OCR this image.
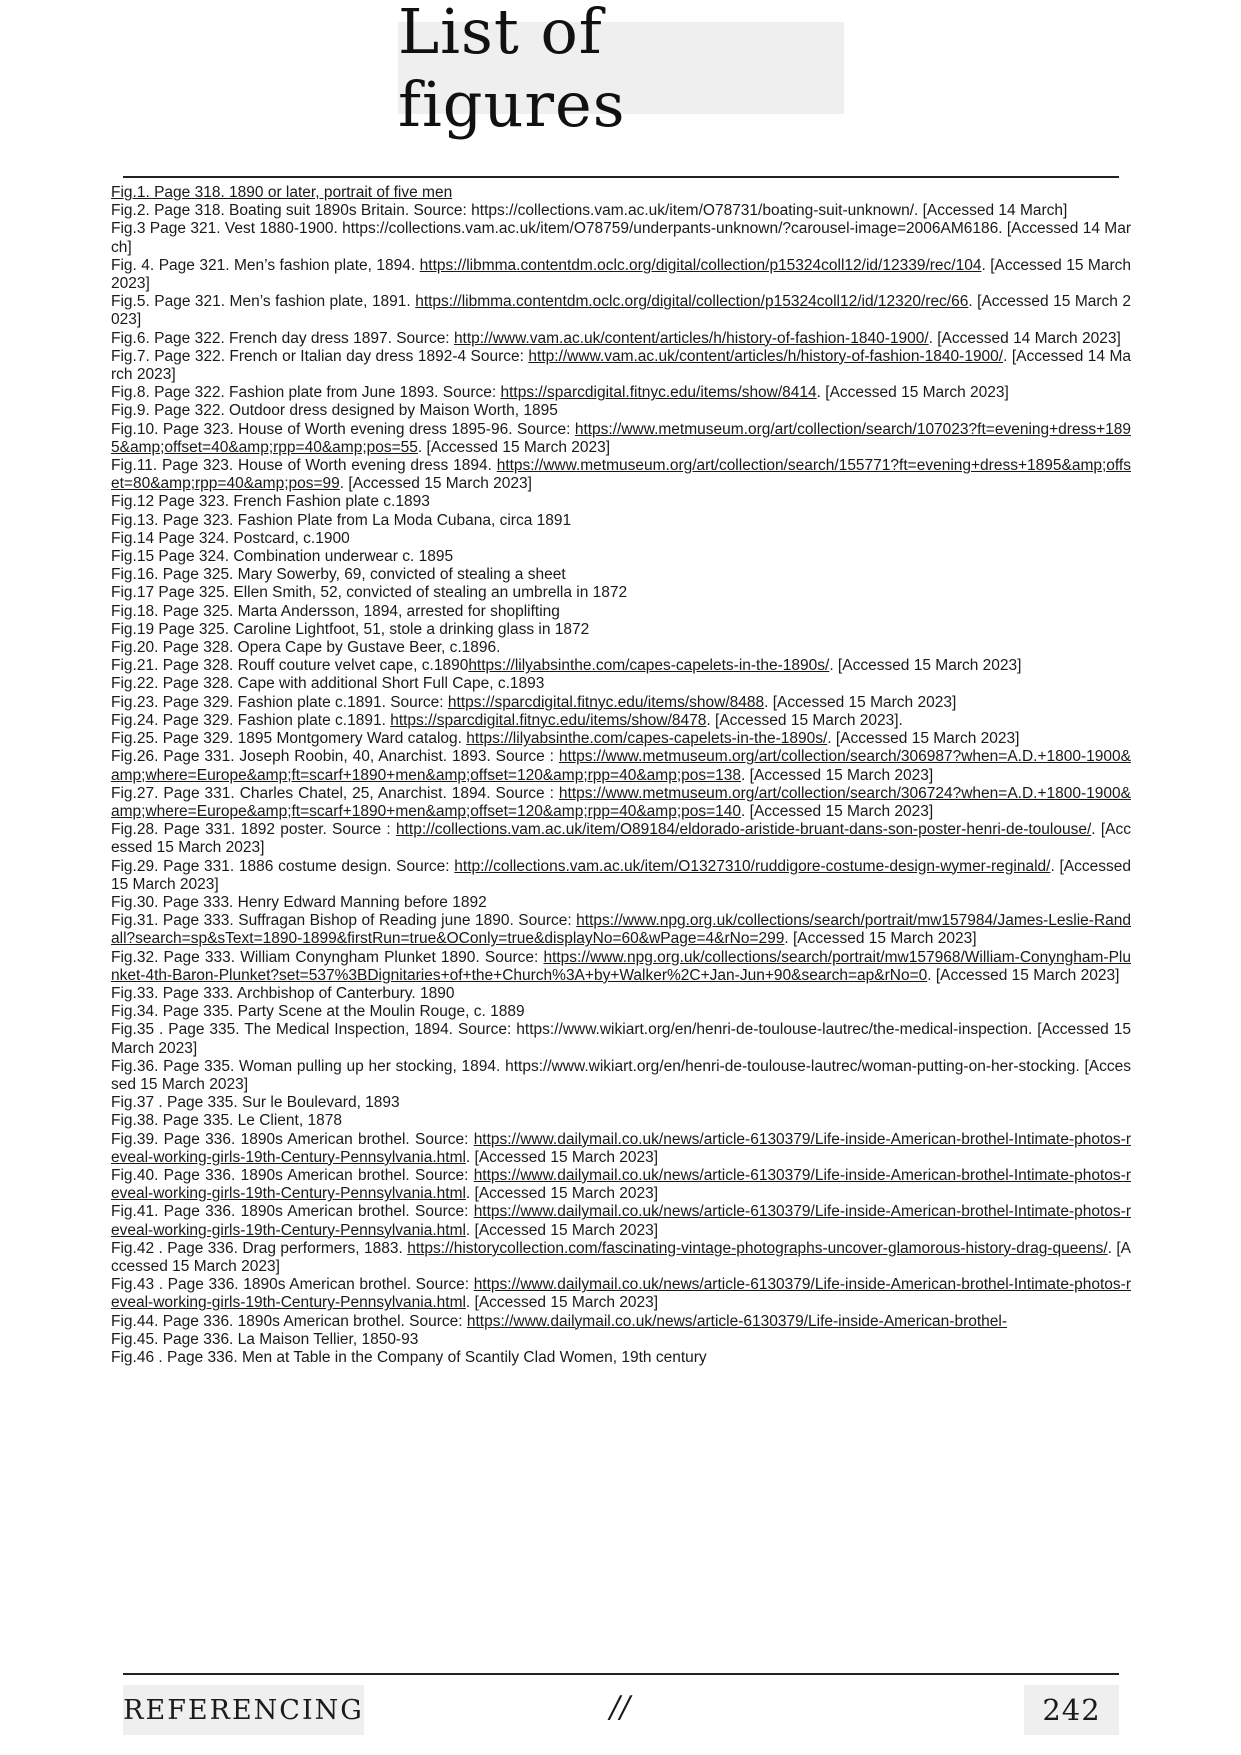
List of figures

Fig.1. Page 318. 1890 or later, portrait of five men

Fig.2. Page 318. Boating suit 1890s Britain. Source: https://collections.vam.ac.uk/item/O78731/boating-suit-unknown/. [Accessed 14 March]

Fig.3 Page 321. Vest 1880-1900. https://collections.vam.ac.uk/item/O78759/underpants-unknown/?carousel-image=2006AM6186. [Accessed 14 March]

Fig. 4. Page 321. Men’s fashion plate, 1894. https://libmma.contentdm.oclc.org/digital/collection/p15324coll12/id/12339/rec/104. [Accessed 15 March 2023]

Fig.5. Page 321. Men’s fashion plate, 1891. https://libmma.contentdm.oclc.org/digital/collection/p15324coll12/id/12320/rec/66. [Accessed 15 March 2023]

Fig.6. Page 322. French day dress 1897. Source: http://www.vam.ac.uk/content/articles/h/history-of-fashion-1840-1900/. [Accessed 14 March 2023]

Fig.7. Page 322. French or Italian day dress 1892-4 Source: http://www.vam.ac.uk/content/articles/h/history-of-fashion-1840-1900/. [Accessed 14 March 2023]

Fig.8. Page 322. Fashion plate from June 1893. Source: https://sparcdigital.fitnyc.edu/items/show/8414. [Accessed 15 March 2023]

Fig.9. Page 322. Outdoor dress designed by Maison Worth, 1895

Fig.10. Page 323. House of Worth evening dress 1895-96. Source: https://www.metmuseum.org/art/collection/search/107023?ft=evening+dress+1895&amp;offset=40&amp;rpp=40&amp;pos=55. [Accessed 15 March 2023]

Fig.11. Page 323. House of Worth evening dress 1894. https://www.metmuseum.org/art/collection/search/155771?ft=evening+dress+1895&amp;offset=80&amp;rpp=40&amp;pos=99. [Accessed 15 March 2023]

Fig.12 Page 323. French Fashion plate c.1893

Fig.13. Page 323. Fashion Plate from La Moda Cubana, circa 1891

Fig.14 Page 324. Postcard, c.1900

Fig.15 Page 324. Combination underwear c. 1895

Fig.16. Page 325. Mary Sowerby, 69, convicted of stealing a sheet

Fig.17 Page 325. Ellen Smith, 52, convicted of stealing an umbrella in 1872

Fig.18. Page 325. Marta Andersson, 1894, arrested for shoplifting

Fig.19 Page 325. Caroline Lightfoot, 51, stole a drinking glass in 1872

Fig.20. Page 328. Opera Cape by Gustave Beer, c.1896.

Fig.21. Page 328. Rouff couture velvet cape, c.1890https://lilyabsinthe.com/capes-capelets-in-the-1890s/. [Accessed 15 March 2023]

Fig.22. Page 328. Cape with additional Short Full Cape, c.1893

Fig.23. Page 329. Fashion plate c.1891. Source: https://sparcdigital.fitnyc.edu/items/show/8488. [Accessed 15 March 2023]

Fig.24. Page 329. Fashion plate c.1891. https://sparcdigital.fitnyc.edu/items/show/8478. [Accessed 15 March 2023].

Fig.25. Page 329. 1895 Montgomery Ward catalog. https://lilyabsinthe.com/capes-capelets-in-the-1890s/. [Accessed 15 March 2023]

Fig.26. Page 331. Joseph Roobin, 40, Anarchist. 1893. Source : https://www.metmuseum.org/art/collection/search/306987?when=A.D.+1800-1900&amp;where=Europe&amp;ft=scarf+1890+men&amp;offset=120&amp;rpp=40&amp;pos=138. [Accessed 15 March 2023]

Fig.27. Page 331. Charles Chatel, 25, Anarchist. 1894. Source : https://www.metmuseum.org/art/collection/search/306724?when=A.D.+1800-1900&amp;where=Europe&amp;ft=scarf+1890+men&amp;offset=120&amp;rpp=40&amp;pos=140. [Accessed 15 March 2023]

Fig.28. Page 331. 1892 poster. Source : http://collections.vam.ac.uk/item/O89184/eldorado-aristide-bruant-dans-son-poster-henri-de-toulouse/. [Accessed 15 March 2023]

Fig.29. Page 331. 1886 costume design. Source: http://collections.vam.ac.uk/item/O1327310/ruddigore-costume-design-wymer-reginald/. [Accessed 15 March 2023]

Fig.30. Page 333. Henry Edward Manning before 1892

Fig.31. Page 333. Suffragan Bishop of Reading june 1890. Source: https://www.npg.org.uk/collections/search/portrait/mw157984/James-Leslie-Randall?search=sp&sText=1890-1899&firstRun=true&OConly=true&displayNo=60&wPage=4&rNo=299. [Accessed 15 March 2023]

Fig.32. Page 333. William Conyngham Plunket 1890. Source: https://www.npg.org.uk/collections/search/portrait/mw157968/William-Conyngham-Plunket-4th-Baron-Plunket?set=537%3BDignitaries+of+the+Church%3A+by+Walker%2C+Jan-Jun+90&search=ap&rNo=0. [Accessed 15 March 2023]

Fig.33. Page 333. Archbishop of Canterbury. 1890

Fig.34. Page 335. Party Scene at the Moulin Rouge, c. 1889

Fig.35 . Page 335. The Medical Inspection, 1894. Source: https://www.wikiart.org/en/henri-de-toulouse-lautrec/the-medical-inspection. [Accessed 15 March 2023]

Fig.36. Page 335. Woman pulling up her stocking, 1894. https://www.wikiart.org/en/henri-de-toulouse-lautrec/woman-putting-on-her-stocking. [Accessed 15 March 2023]

Fig.37 . Page 335. Sur le Boulevard, 1893

Fig.38. Page 335. Le Client, 1878

Fig.39. Page 336. 1890s American brothel. Source: https://www.dailymail.co.uk/news/article-6130379/Life-inside-American-brothel-Intimate-photos-reveal-working-girls-19th-Century-Pennsylvania.html. [Accessed 15 March 2023]

Fig.40. Page 336. 1890s American brothel. Source: https://www.dailymail.co.uk/news/article-6130379/Life-inside-American-brothel-Intimate-photos-reveal-working-girls-19th-Century-Pennsylvania.html. [Accessed 15 March 2023]

Fig.41. Page 336. 1890s American brothel. Source: https://www.dailymail.co.uk/news/article-6130379/Life-inside-American-brothel-Intimate-photos-reveal-working-girls-19th-Century-Pennsylvania.html. [Accessed 15 March 2023]

Fig.42 . Page 336. Drag performers, 1883. https://historycollection.com/fascinating-vintage-photographs-uncover-glamorous-history-drag-queens/. [Accessed 15 March 2023]

Fig.43 . Page 336. 1890s American brothel. Source: https://www.dailymail.co.uk/news/article-6130379/Life-inside-American-brothel-Intimate-photos-reveal-working-girls-19th-Century-Pennsylvania.html. [Accessed 15 March 2023]

Fig.44. Page 336. 1890s American brothel. Source: https://www.dailymail.co.uk/news/article-6130379/Life-inside-American-brothel-

Fig.45. Page 336. La Maison Tellier, 1850-93

Fig.46 . Page 336. Men at Table in the Company of Scantily Clad Women, 19th century

REFERENCING	//	242
